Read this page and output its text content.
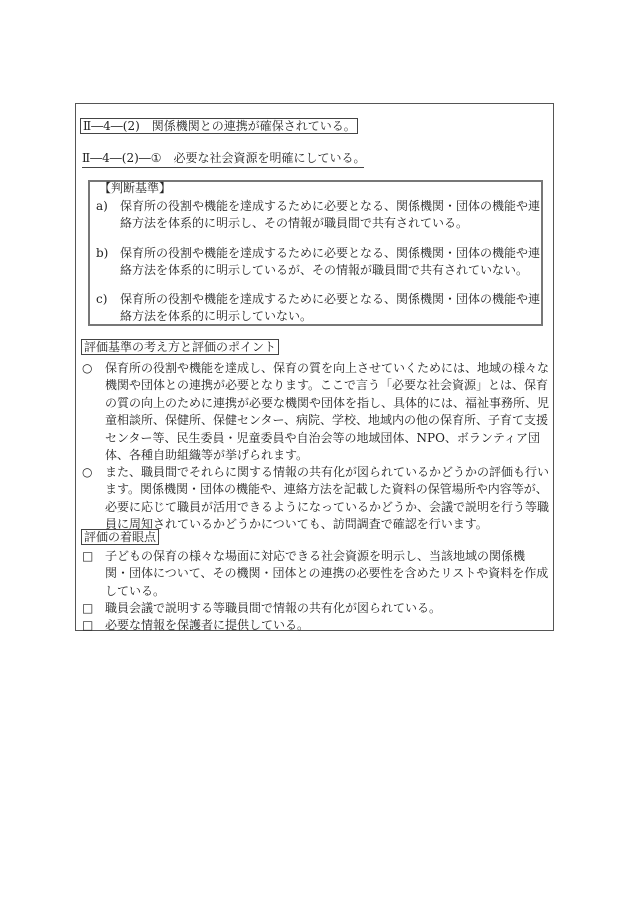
Ⅱ―4―(2)　関係機関との連携が確保されている。
Ⅱ―4―(2)―①　必要な社会資源を明確にしている。
【判断基準】
a) 保育所の役割や機能を達成するために必要となる、関係機関・団体の機能や連
絡方法を体系的に明示し、その情報が職員間で共有されている。
b) 保育所の役割や機能を達成するために必要となる、関係機関・団体の機能や連
絡方法を体系的に明示しているが、その情報が職員間で共有されていない。
c) 保育所の役割や機能を達成するために必要となる、関係機関・団体の機能や連
絡方法を体系的に明示していない。
評価基準の考え方と評価のポイント
○ 保育所の役割や機能を達成し、保育の質を向上させていくためには、地域の様々な
機関や団体との連携が必要となります。ここで言う「必要な社会資源」とは、保育
の質の向上のために連携が必要な機関や団体を指し、具体的には、福祉事務所、児
童相談所、保健所、保健センター、病院、学校、地域内の他の保育所、子育て支援
センター等、民生委員・児童委員や自治会等の地域団体、NPO、ボランティア団
体、各種自助組織等が挙げられます。
○ また、職員間でそれらに関する情報の共有化が図られているかどうかの評価も行い
ます。関係機関・団体の機能や、連絡方法を記載した資料の保管場所や内容等が、
必要に応じて職員が活用できるようになっているかどうか、会議で説明を行う等職
員に周知されているかどうかについても、訪問調査で確認を行います。
評価の着眼点
□ 子どもの保育の様々な場面に対応できる社会資源を明示し、当該地域の関係機
関・団体について、その機関・団体との連携の必要性を含めたリストや資料を作成
している。
□ 職員会議で説明する等職員間で情報の共有化が図られている。
□ 必要な情報を保護者に提供している。
